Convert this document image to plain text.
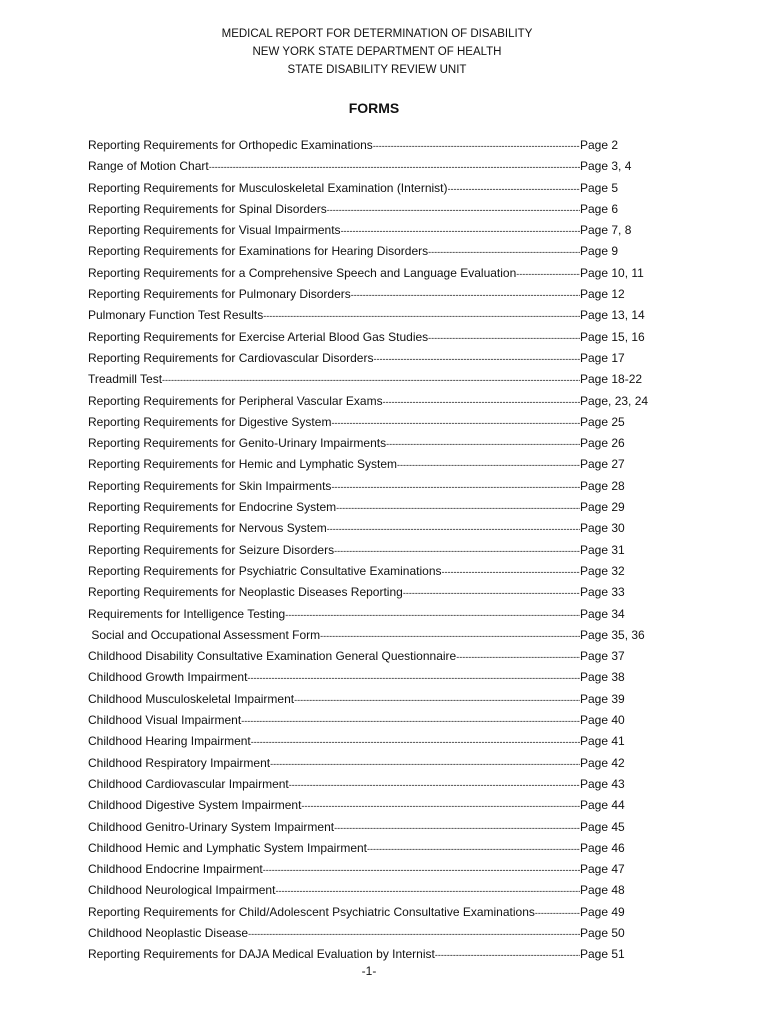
MEDICAL REPORT FOR DETERMINATION OF DISABILITY
NEW YORK STATE DEPARTMENT OF HEALTH
STATE DISABILITY REVIEW UNIT
FORMS
Reporting Requirements for Orthopedic Examinations -----	Page 2
Range of Motion Chart -----	Page 3, 4
Reporting Requirements for Musculoskeletal Examination (Internist) -----	Page 5
Reporting Requirements for Spinal Disorders -----	Page 6
Reporting Requirements for Visual Impairments -----	Page 7, 8
Reporting Requirements for Examinations for Hearing Disorders -----	Page 9
Reporting Requirements for a Comprehensive Speech and Language Evaluation -----	Page 10, 11
Reporting Requirements for Pulmonary Disorders -----	Page 12
Pulmonary Function Test Results -----	Page 13, 14
Reporting Requirements for Exercise Arterial Blood Gas Studies -----	Page 15, 16
Reporting Requirements for Cardiovascular Disorders -----	Page 17
Treadmill Test -----	Page 18-22
Reporting Requirements for Peripheral Vascular Exams -----	Page, 23, 24
Reporting Requirements for Digestive System -----	Page 25
Reporting Requirements for Genito-Urinary Impairments -----	Page 26
Reporting Requirements for Hemic and Lymphatic System -----	Page 27
Reporting Requirements for Skin Impairments -----	Page 28
Reporting Requirements for Endocrine System -----	Page 29
Reporting Requirements for Nervous System -----	Page 30
Reporting Requirements for Seizure Disorders -----	Page 31
Reporting Requirements for Psychiatric Consultative Examinations -----	Page 32
Reporting Requirements for Neoplastic Diseases Reporting -----	Page 33
Requirements for Intelligence Testing -----	Page 34
Social and Occupational Assessment Form -----	Page 35, 36
Childhood Disability Consultative Examination General Questionnaire -----	Page 37
Childhood Growth Impairment -----	Page 38
Childhood Musculoskeletal Impairment -----	Page 39
Childhood Visual Impairment -----	Page 40
Childhood Hearing Impairment -----	Page 41
Childhood Respiratory Impairment -----	Page 42
Childhood Cardiovascular Impairment -----	Page 43
Childhood Digestive System Impairment -----	Page 44
Childhood Genitro-Urinary System Impairment -----	Page 45
Childhood Hemic and Lymphatic System Impairment -----	Page 46
Childhood Endocrine Impairment -----	Page 47
Childhood Neurological Impairment -----	Page 48
Reporting Requirements for Child/Adolescent Psychiatric Consultative Examinations -----	Page 49
Childhood Neoplastic Disease -----	Page 50
Reporting Requirements for DAJA Medical Evaluation by Internist -----	Page 51
-1-
